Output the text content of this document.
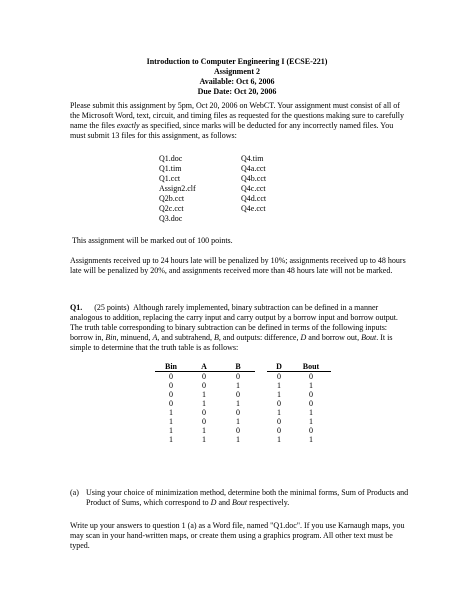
Introduction to Computer Engineering I (ECSE-221)
Assignment 2
Available: Oct 6, 2006
Due Date: Oct 20, 2006
Please submit this assignment by 5pm, Oct 20, 2006 on WebCT. Your assignment must consist of all of the Microsoft Word, text, circuit, and timing files as requested for the questions making sure to carefully name the files exactly as specified, since marks will be deducted for any incorrectly named files. You must submit 13 files for this assignment, as follows:
Q1.doc
Q1.tim
Q1.cct
Assign2.clf
Q2b.cct
Q2c.cct
Q3.doc
Q4.tim
Q4a.cct
Q4b.cct
Q4c.cct
Q4d.cct
Q4e.cct
This assignment will be marked out of 100 points.
Assignments received up to 24 hours late will be penalized by 10%; assignments received up to 48 hours late will be penalized by 20%, and assignments received more than 48 hours late will not be marked.
Q1. (25 points) Although rarely implemented, binary subtraction can be defined in a manner analogous to addition, replacing the carry input and carry output by a borrow input and borrow output. The truth table corresponding to binary subtraction can be defined in terms of the following inputs: borrow in, Bin, minuend, A, and subtrahend, B, and outputs: difference, D and borrow out, Bout. It is simple to determine that the truth table is as follows:
Bin	A	B		D	Bout
0	0	0		0	0
0	0	1		1	1
0	1	0		1	0
0	1	1		0	0
1	0	0		1	1
1	0	1		0	1
1	1	0		0	0
1	1	1		1	1
(a) Using your choice of minimization method, determine both the minimal forms, Sum of Products and Product of Sums, which correspond to D and Bout respectively.
Write up your answers to question 1 (a) as a Word file, named "Q1.doc". If you use Karnaugh maps, you may scan in your hand-written maps, or create them using a graphics program. All other text must be typed.
